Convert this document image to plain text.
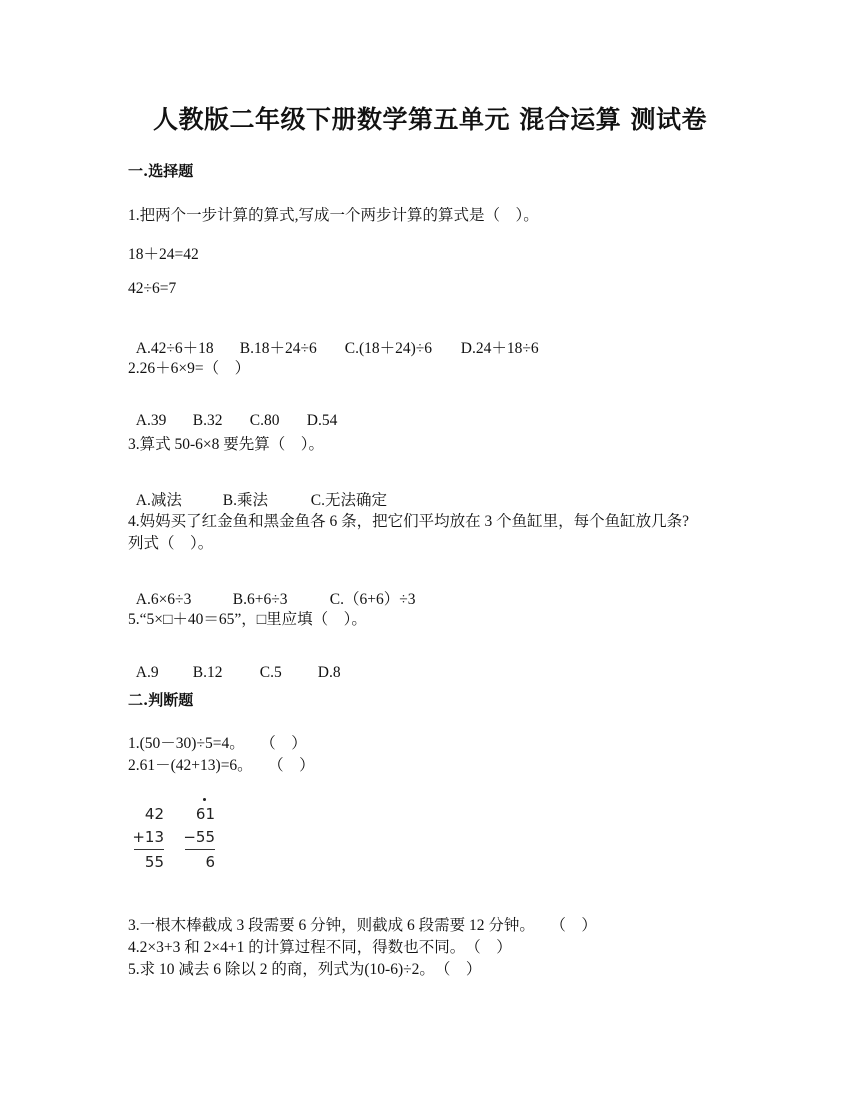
人教版二年级下册数学第五单元 混合运算 测试卷
一.选择题
1.把两个一步计算的算式,写成一个两步计算的算式是（　）。
18＋24=42
42÷6=7

A.42÷6＋18 B.18＋24÷6 C.(18＋24)÷6 D.24＋18÷6

2.26＋6×9=（　）

A.39 B.32 C.80 D.54

3.算式 50-6×8 要先算（　）。

A.减法	B.乘法	C.无法确定

4.妈妈买了红金鱼和黑金鱼各 6 条，把它们平均放在 3 个鱼缸里，每个鱼缸放几条?
列式（　）。

A.6×6÷3	B.6+6÷3	C.（6+6）÷3

5.“5×□＋40＝65”，□里应填（　）。

A.9 B.12 C.5 D.8

二.判断题
1.(50－30)÷5=4。　　（　）
2.61－(42+13)=6。　　（　）
42
+13
55
61
−55
6
3.一根木棒截成 3 段需要 6 分钟，则截成 6 段需要 12 分钟。　　（　）
4.2×3+3 和 2×4+1 的计算过程不同，得数也不同。　（　）
5.求 10 减去 6 除以 2 的商，列式为(10-6)÷2。　（　）
